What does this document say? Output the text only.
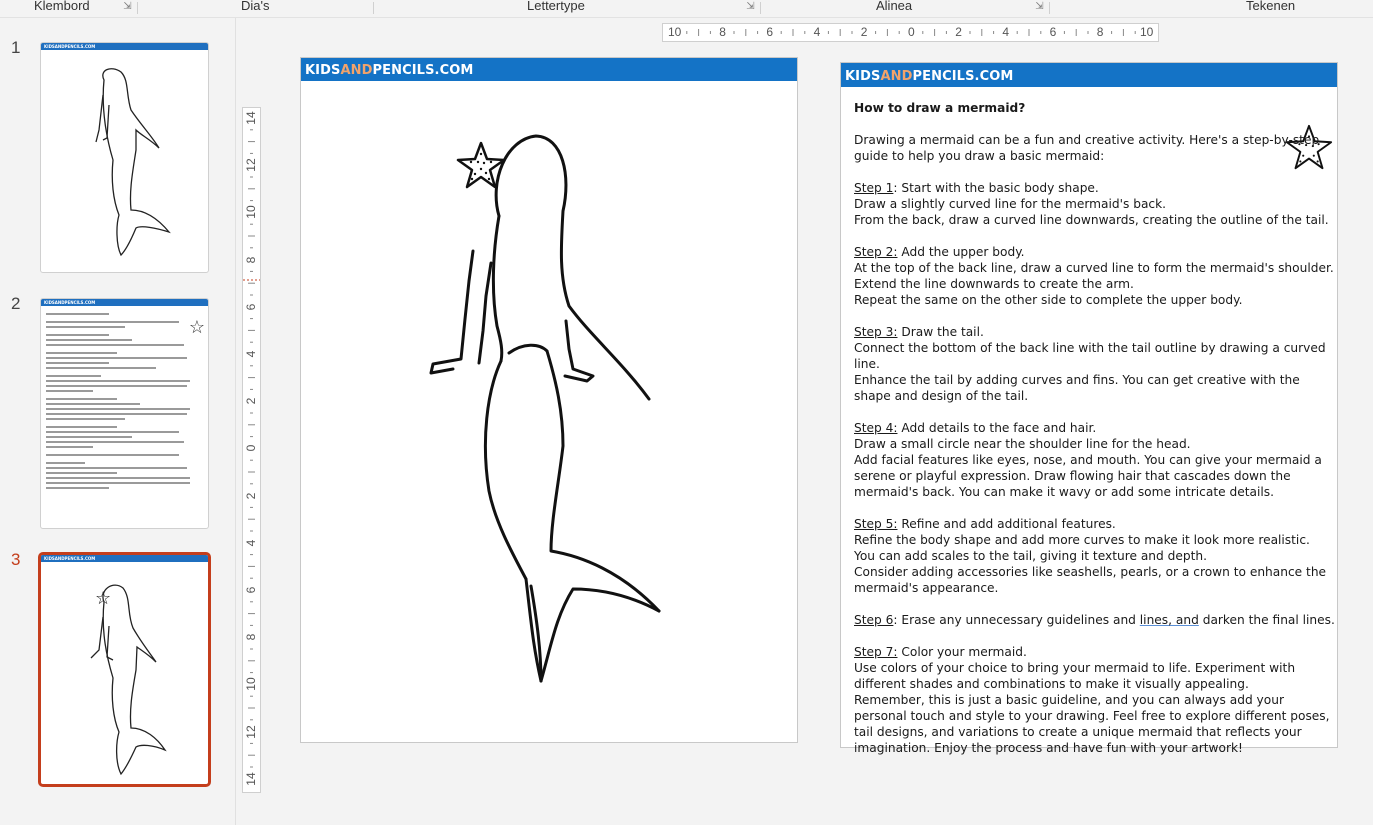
Klembord	⇲	Dia's	Lettertype	⇲	Alinea	⇲	Tekenen
1	KIDSANDPENCILS.COM
2	KIDSANDPENCILS.COM
☆
3	KIDSANDPENCILS.COM
☆
10	8	6	4	2	0	2	4	6	8	10
14
12
10
8
6
4
2
0
2
4
6
8
10
12
14
KIDSANDPENCILS.COM	KIDSANDPENCILS.COM

How to draw a mermaid?

Drawing a mermaid can be a fun and creative activity. Here's a step-by-step
guide to help you draw a basic mermaid:

Step 1: Start with the basic body shape.
Draw a slightly curved line for the mermaid's back.
From the back, draw a curved line downwards, creating the outline of the tail.

Step 2: Add the upper body.
At the top of the back line, draw a curved line to form the mermaid's shoulder.
Extend the line downwards to create the arm.
Repeat the same on the other side to complete the upper body.

Step 3: Draw the tail.
Connect the bottom of the back line with the tail outline by drawing a curved line.
Enhance the tail by adding curves and fins. You can get creative with the shape and design of the tail.

Step 4: Add details to the face and hair.
Draw a small circle near the shoulder line for the head.
Add facial features like eyes, nose, and mouth. You can give your mermaid a serene or playful expression. Draw flowing hair that cascades down the mermaid's back. You can make it wavy or add some intricate details.

Step 5: Refine and add additional features.
Refine the body shape and add more curves to make it look more realistic.
You can add scales to the tail, giving it texture and depth.
Consider adding accessories like seashells, pearls, or a crown to enhance the mermaid's appearance.

Step 6: Erase any unnecessary guidelines and lines, and darken the final lines.

Step 7: Color your mermaid.
Use colors of your choice to bring your mermaid to life. Experiment with different shades and combinations to make it visually appealing.
Remember, this is just a basic guideline, and you can always add your personal touch and style to your drawing. Feel free to explore different poses, tail designs, and variations to create a unique mermaid that reflects your imagination. Enjoy the process and have fun with your artwork!
